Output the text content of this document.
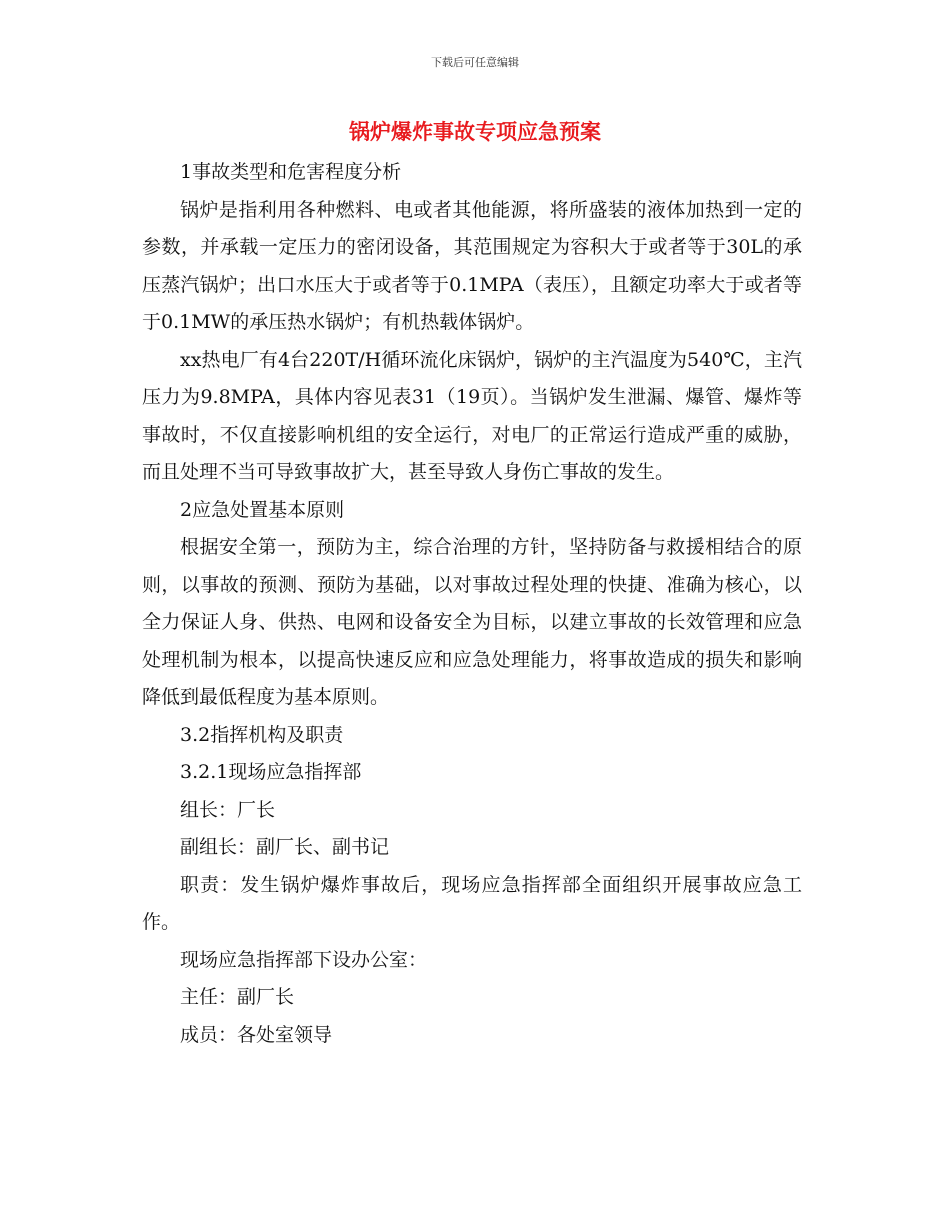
下载后可任意编辑
锅炉爆炸事故专项应急预案

1事故类型和危害程度分析

锅炉是指利用各种燃料、电或者其他能源，将所盛装的液体加热到一定的参数，并承载一定压力的密闭设备，其范围规定为容积大于或者等于30L的承压蒸汽锅炉；出口水压大于或者等于0.1MPA（表压），且额定功率大于或者等于0.1MW的承压热水锅炉；有机热载体锅炉。

xx热电厂有4台220T/H循环流化床锅炉，锅炉的主汽温度为540℃，主汽压力为9.8MPA，具体内容见表31（19页）。当锅炉发生泄漏、爆管、爆炸等事故时，不仅直接影响机组的安全运行，对电厂的正常运行造成严重的威胁，而且处理不当可导致事故扩大，甚至导致人身伤亡事故的发生。

2应急处置基本原则

根据安全第一，预防为主，综合治理的方针，坚持防备与救援相结合的原则，以事故的预测、预防为基础，以对事故过程处理的快捷、准确为核心，以全力保证人身、供热、电网和设备安全为目标，以建立事故的长效管理和应急处理机制为根本，以提高快速反应和应急处理能力，将事故造成的损失和影响降低到最低程度为基本原则。

3.2指挥机构及职责

3.2.1现场应急指挥部

组长：厂长

副组长：副厂长、副书记

职责：发生锅炉爆炸事故后，现场应急指挥部全面组织开展事故应急工作。

现场应急指挥部下设办公室：

主任：副厂长

成员：各处室领导
